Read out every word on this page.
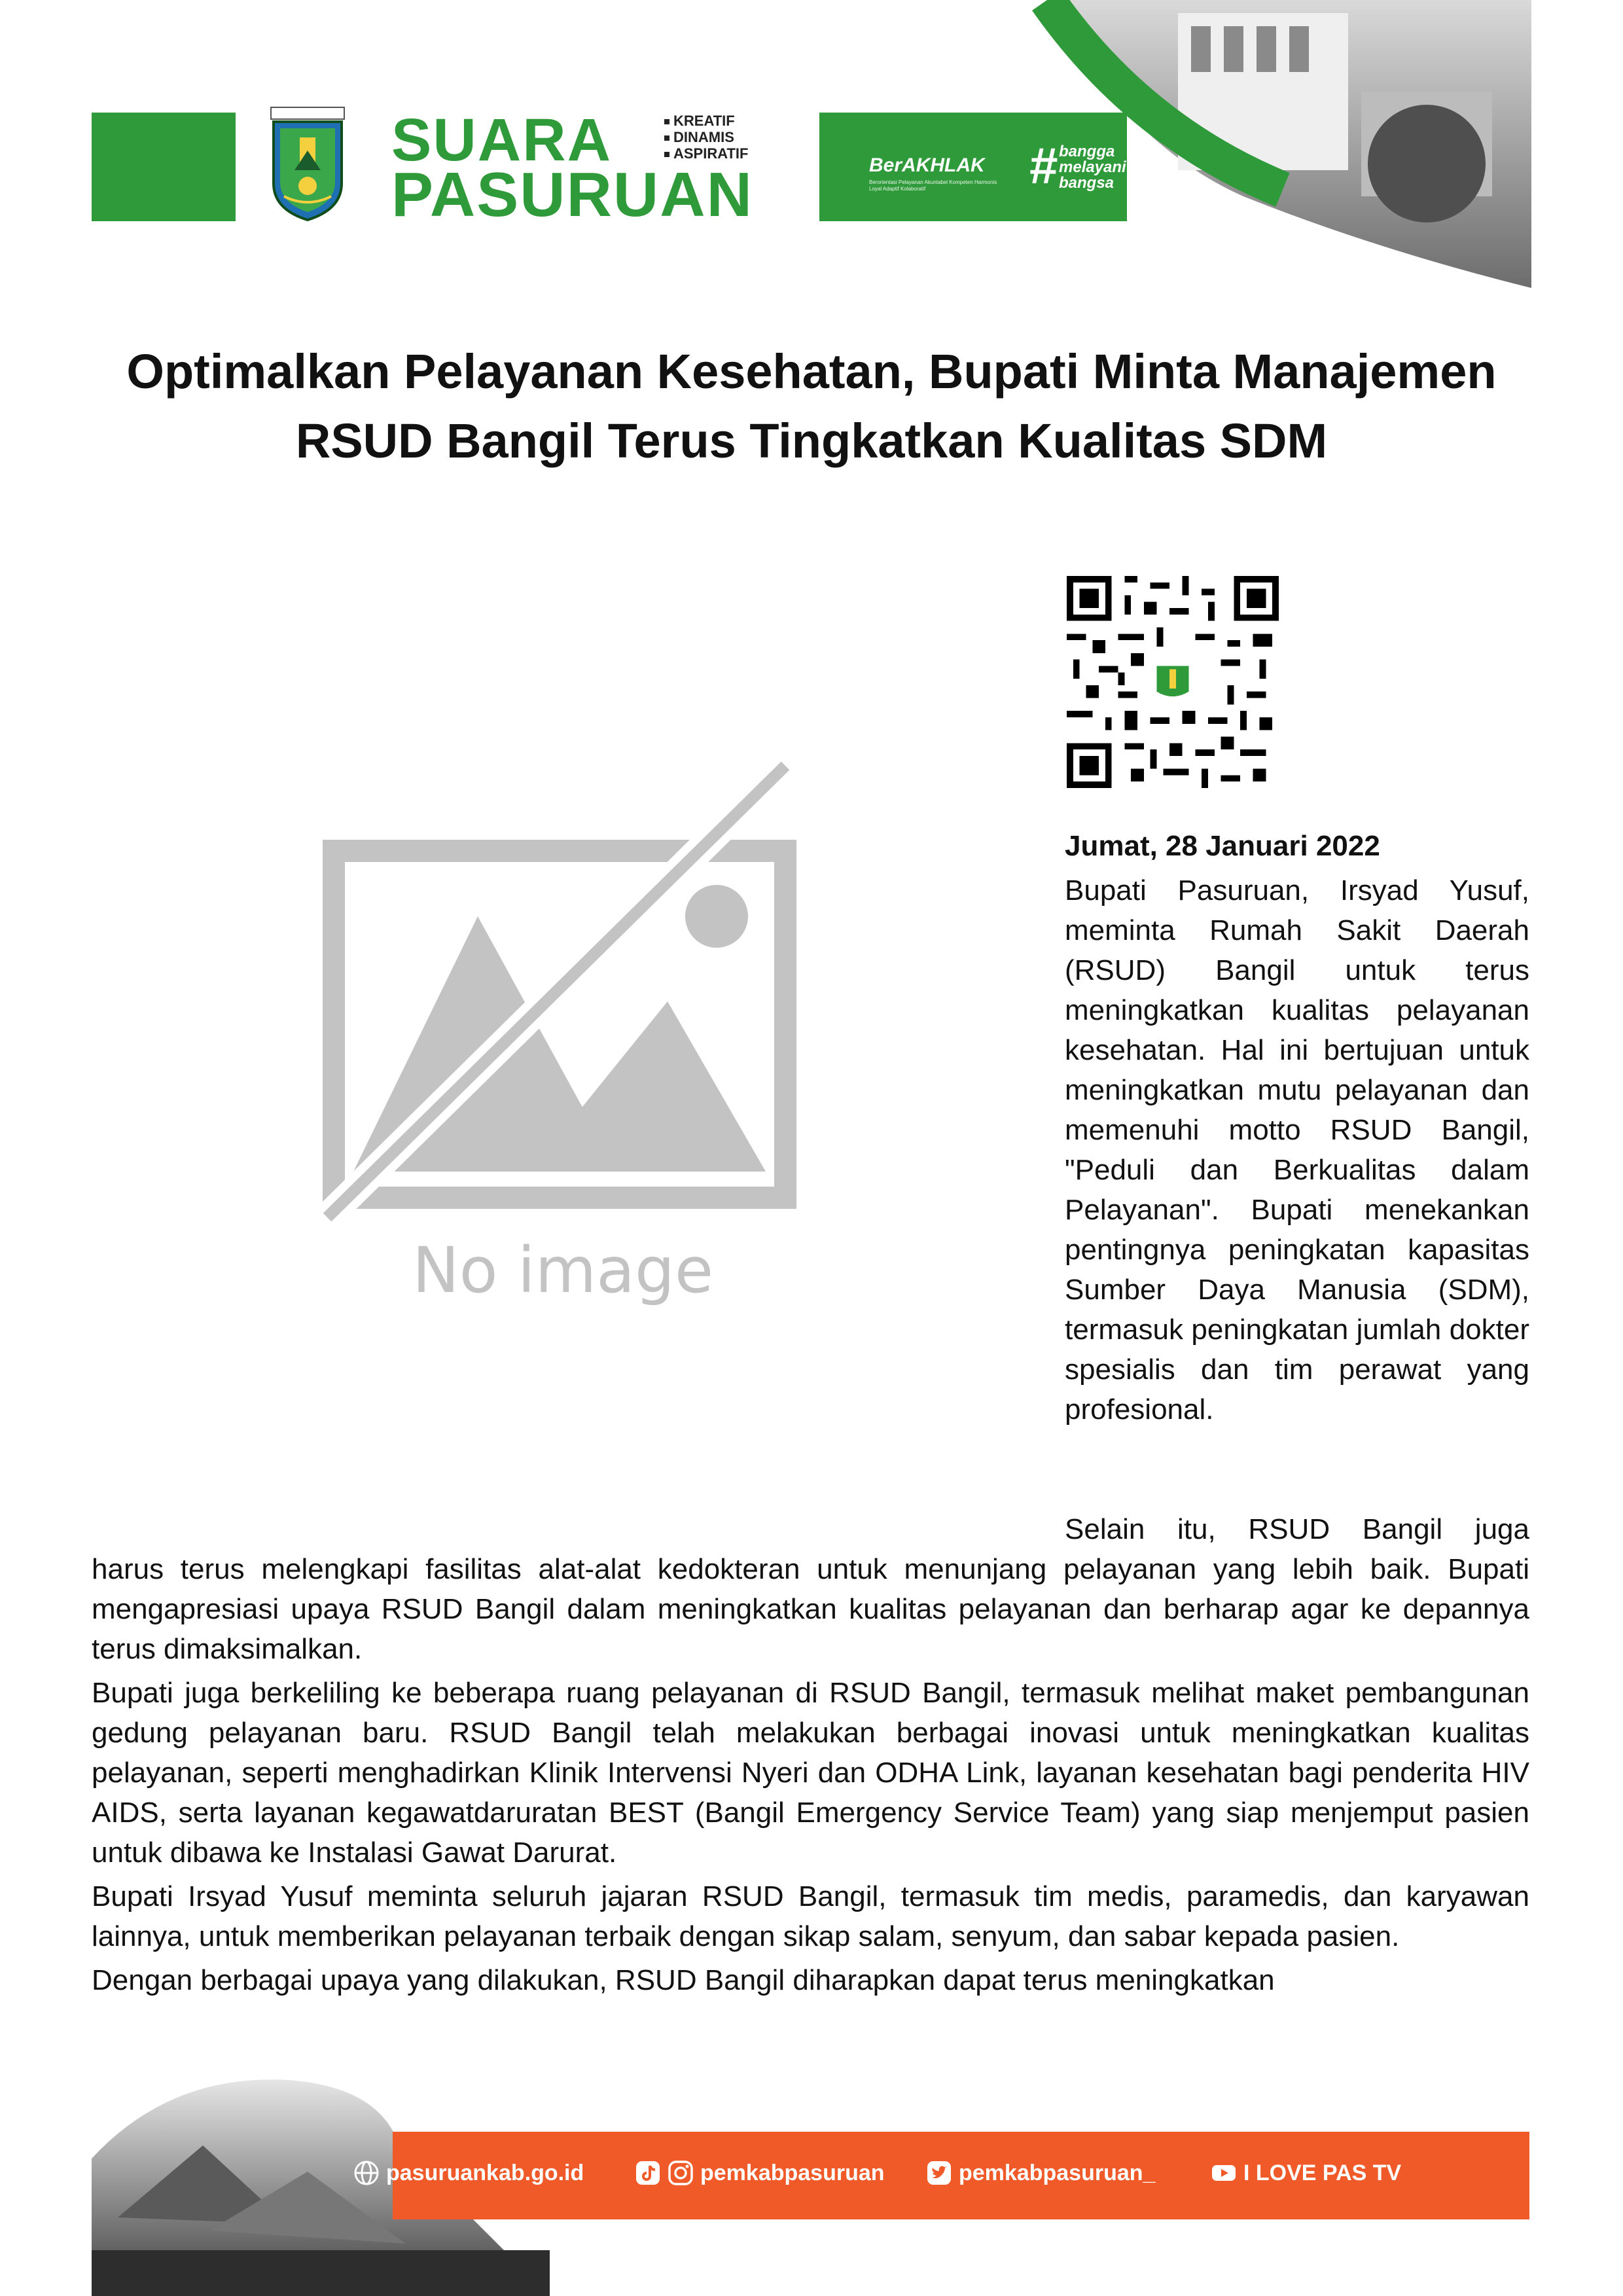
SUARA
PASURUAN
KREATIF
DINAMIS
ASPIRATIF
BerAKHLAK
Berorientasi Pelayanan Akuntabel Kompeten Harmonis Loyal Adaptif Kolaboratif	# bangga
melayani
bangsa
Optimalkan Pelayanan Kesehatan, Bupati Minta Manajemen RSUD Bangil Terus Tingkatkan Kualitas SDM
No image
Jumat, 28 Januari 2022

Bupati Pasuruan, Irsyad Yusuf, meminta Rumah Sakit Daerah (RSUD) Bangil untuk terus meningkatkan kualitas pelayanan kesehatan. Hal ini bertujuan untuk meningkatkan mutu pelayanan dan memenuhi motto RSUD Bangil, "Peduli dan Berkualitas dalam Pelayanan". Bupati menekankan pentingnya peningkatan kapasitas Sumber Daya Manusia (SDM), termasuk peningkatan jumlah dokter spesialis dan tim perawat yang profesional.

Selain itu, RSUD Bangil juga

harus terus melengkapi fasilitas alat-alat kedokteran untuk menunjang pelayanan yang lebih baik. Bupati mengapresiasi upaya RSUD Bangil dalam meningkatkan kualitas pelayanan dan berharap agar ke depannya terus dimaksimalkan.

Bupati juga berkeliling ke beberapa ruang pelayanan di RSUD Bangil, termasuk melihat maket pembangunan gedung pelayanan baru. RSUD Bangil telah melakukan berbagai inovasi untuk meningkatkan kualitas pelayanan, seperti menghadirkan Klinik Intervensi Nyeri dan ODHA Link, layanan kesehatan bagi penderita HIV AIDS, serta layanan kegawatdaruratan BEST (Bangil Emergency Service Team) yang siap menjemput pasien untuk dibawa ke Instalasi Gawat Darurat.

Bupati Irsyad Yusuf meminta seluruh jajaran RSUD Bangil, termasuk tim medis, paramedis, dan karyawan lainnya, untuk memberikan pelayanan terbaik dengan sikap salam, senyum, dan sabar kepada pasien.

Dengan berbagai upaya yang dilakukan, RSUD Bangil diharapkan dapat terus meningkatkan

pasuruankab.go.id	pemkabpasuruan	pemkabpasuruan_	I LOVE PAS TV
